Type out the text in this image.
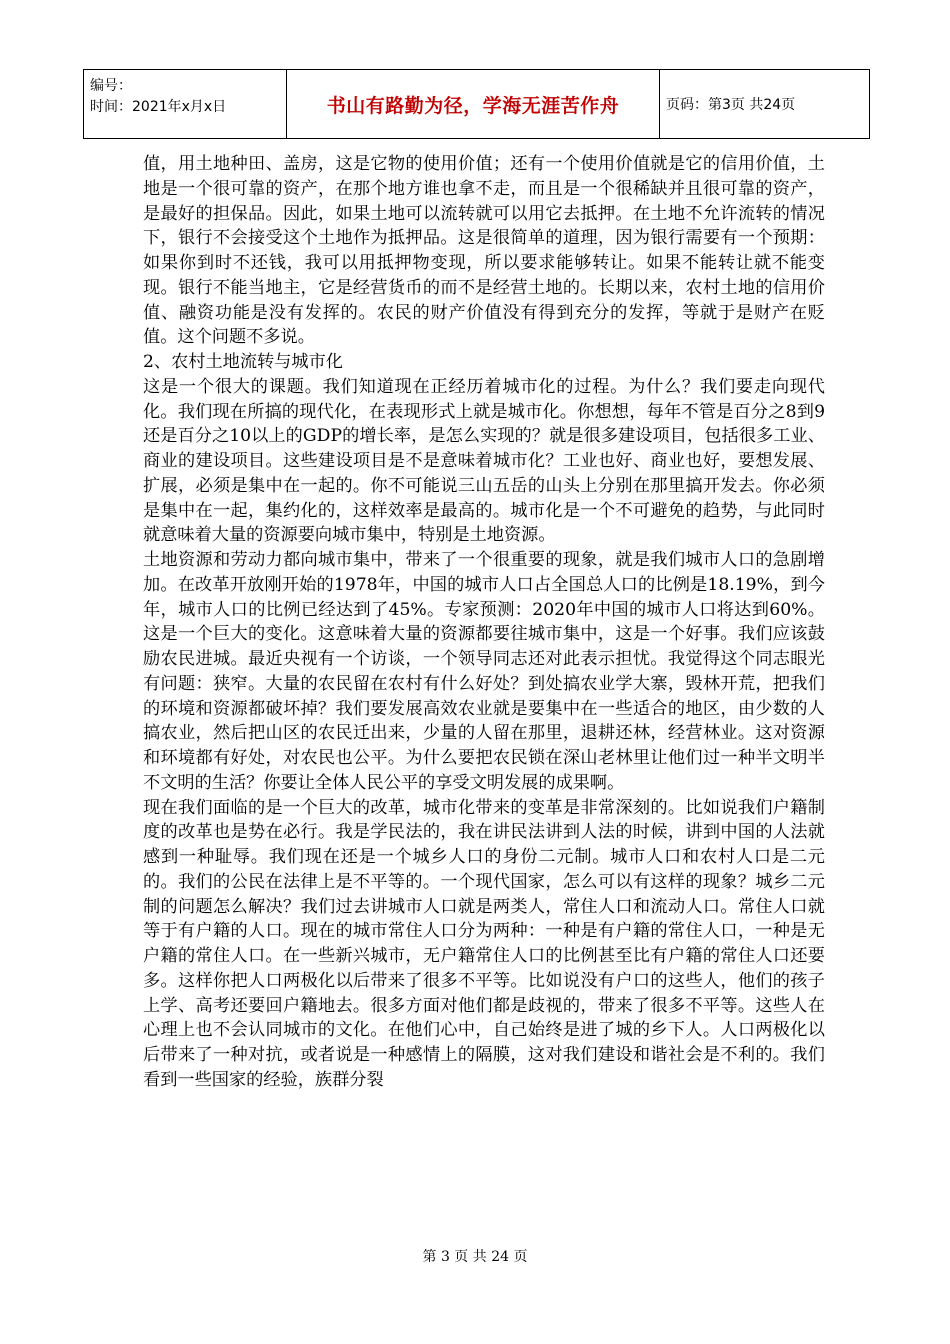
编号：
时间：2021年x月x日	书山有路勤为径，学海无涯苦作舟	页码：第3页 共24页

值，用土地种田、盖房，这是它物的使用价值；还有一个使用价值就是它的信用价值，土地是一个很可靠的资产，在那个地方谁也拿不走，而且是一个很稀缺并且很可靠的资产，是最好的担保品。因此，如果土地可以流转就可以用它去抵押。在土地不允许流转的情况下，银行不会接受这个土地作为抵押品。这是很简单的道理，因为银行需要有一个预期：如果你到时不还钱，我可以用抵押物变现，所以要求能够转让。如果不能转让就不能变现。银行不能当地主，它是经营货币的而不是经营土地的。长期以来，农村土地的信用价值、融资功能是没有发挥的。农民的财产价值没有得到充分的发挥，等就于是财产在贬值。这个问题不多说。

2、农村土地流转与城市化

这是一个很大的课题。我们知道现在正经历着城市化的过程。为什么？我们要走向现代化。我们现在所搞的现代化，在表现形式上就是城市化。你想想，每年不管是百分之8到9还是百分之10以上的GDP的增长率，是怎么实现的？就是很多建设项目，包括很多工业、商业的建设项目。这些建设项目是不是意味着城市化？工业也好、商业也好，要想发展、扩展，必须是集中在一起的。你不可能说三山五岳的山头上分别在那里搞开发去。你必须是集中在一起，集约化的，这样效率是最高的。城市化是一个不可避免的趋势，与此同时就意味着大量的资源要向城市集中，特别是土地资源。

土地资源和劳动力都向城市集中，带来了一个很重要的现象，就是我们城市人口的急剧增加。在改革开放刚开始的1978年，中国的城市人口占全国总人口的比例是18.19%，到今年，城市人口的比例已经达到了45%。专家预测：2020年中国的城市人口将达到60%。这是一个巨大的变化。这意味着大量的资源都要往城市集中，这是一个好事。我们应该鼓励农民进城。最近央视有一个访谈，一个领导同志还对此表示担忧。我觉得这个同志眼光有问题：狭窄。大量的农民留在农村有什么好处？到处搞农业学大寨，毁林开荒，把我们的环境和资源都破坏掉？我们要发展高效农业就是要集中在一些适合的地区，由少数的人搞农业，然后把山区的农民迁出来，少量的人留在那里，退耕还林，经营林业。这对资源和环境都有好处，对农民也公平。为什么要把农民锁在深山老林里让他们过一种半文明半不文明的生活？你要让全体人民公平的享受文明发展的成果啊。

现在我们面临的是一个巨大的改革，城市化带来的变革是非常深刻的。比如说我们户籍制度的改革也是势在必行。我是学民法的，我在讲民法讲到人法的时候，讲到中国的人法就感到一种耻辱。我们现在还是一个城乡人口的身份二元制。城市人口和农村人口是二元的。我们的公民在法律上是不平等的。一个现代国家，怎么可以有这样的现象？城乡二元制的问题怎么解决？我们过去讲城市人口就是两类人，常住人口和流动人口。常住人口就等于有户籍的人口。现在的城市常住人口分为两种：一种是有户籍的常住人口，一种是无户籍的常住人口。在一些新兴城市，无户籍常住人口的比例甚至比有户籍的常住人口还要多。这样你把人口两极化以后带来了很多不平等。比如说没有户口的这些人，他们的孩子上学、高考还要回户籍地去。很多方面对他们都是歧视的，带来了很多不平等。这些人在心理上也不会认同城市的文化。在他们心中，自己始终是进了城的乡下人。人口两极化以后带来了一种对抗，或者说是一种感情上的隔膜，这对我们建设和谐社会是不利的。我们看到一些国家的经验，族群分裂

第 3 页 共 24 页
